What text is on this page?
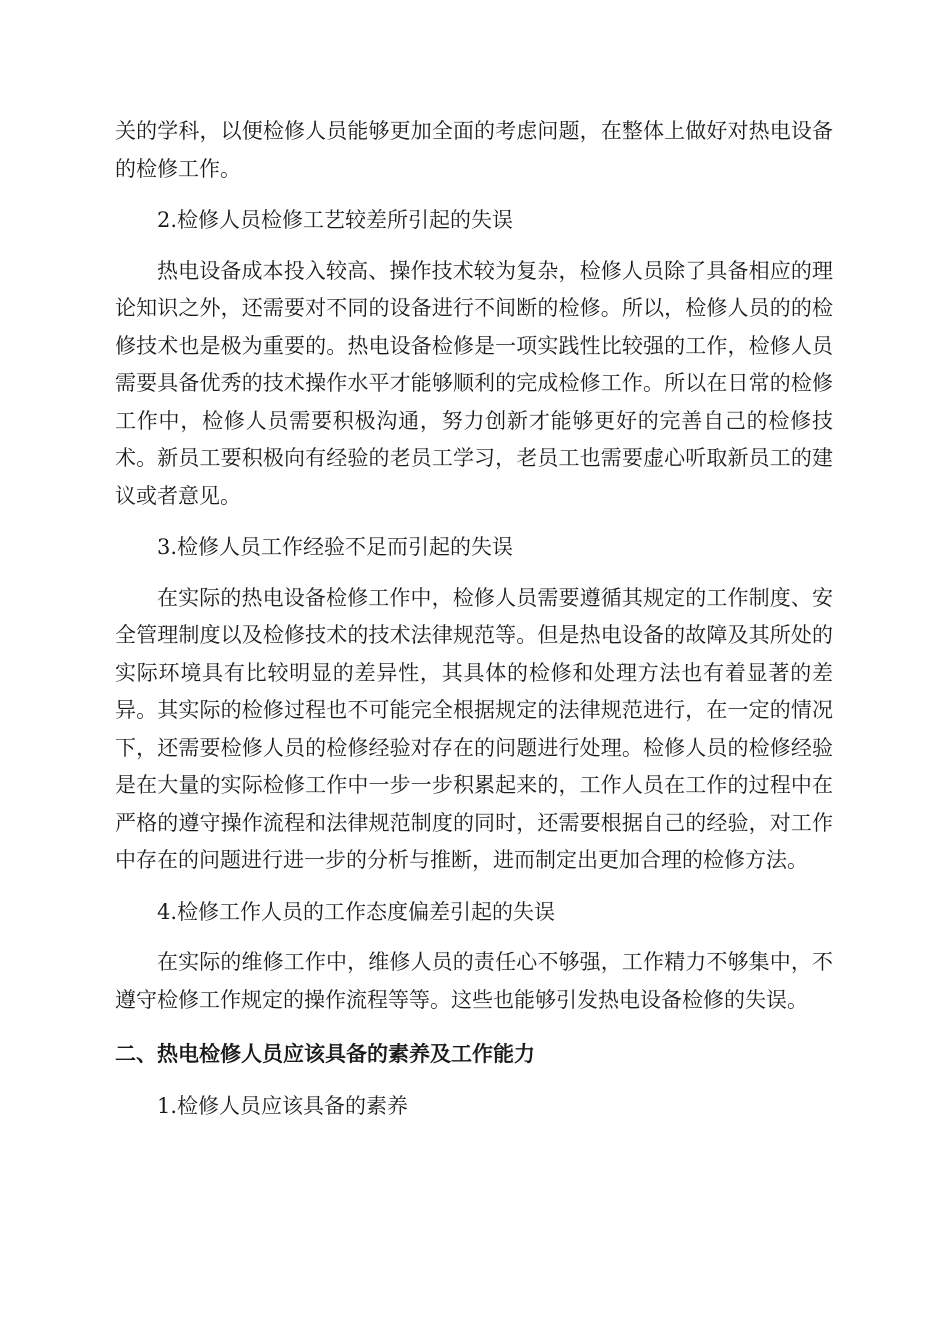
关的学科，以便检修人员能够更加全面的考虑问题，在整体上做好对热电设备的检修工作。

2.检修人员检修工艺较差所引起的失误

热电设备成本投入较高、操作技术较为复杂，检修人员除了具备相应的理论知识之外，还需要对不同的设备进行不间断的检修。所以，检修人员的的检修技术也是极为重要的。热电设备检修是一项实践性比较强的工作，检修人员需要具备优秀的技术操作水平才能够顺利的完成检修工作。所以在日常的检修工作中，检修人员需要积极沟通，努力创新才能够更好的完善自己的检修技术。新员工要积极向有经验的老员工学习，老员工也需要虚心听取新员工的建议或者意见。

3.检修人员工作经验不足而引起的失误

在实际的热电设备检修工作中，检修人员需要遵循其规定的工作制度、安全管理制度以及检修技术的技术法律规范等。但是热电设备的故障及其所处的实际环境具有比较明显的差异性，其具体的检修和处理方法也有着显著的差异。其实际的检修过程也不可能完全根据规定的法律规范进行，在一定的情况下，还需要检修人员的检修经验对存在的问题进行处理。检修人员的检修经验是在大量的实际检修工作中一步一步积累起来的，工作人员在工作的过程中在严格的遵守操作流程和法律规范制度的同时，还需要根据自己的经验，对工作中存在的问题进行进一步的分析与推断，进而制定出更加合理的检修方法。

4.检修工作人员的工作态度偏差引起的失误

在实际的维修工作中，维修人员的责任心不够强，工作精力不够集中，不遵守检修工作规定的操作流程等等。这些也能够引发热电设备检修的失误。

二、热电检修人员应该具备的素养及工作能力

1.检修人员应该具备的素养
